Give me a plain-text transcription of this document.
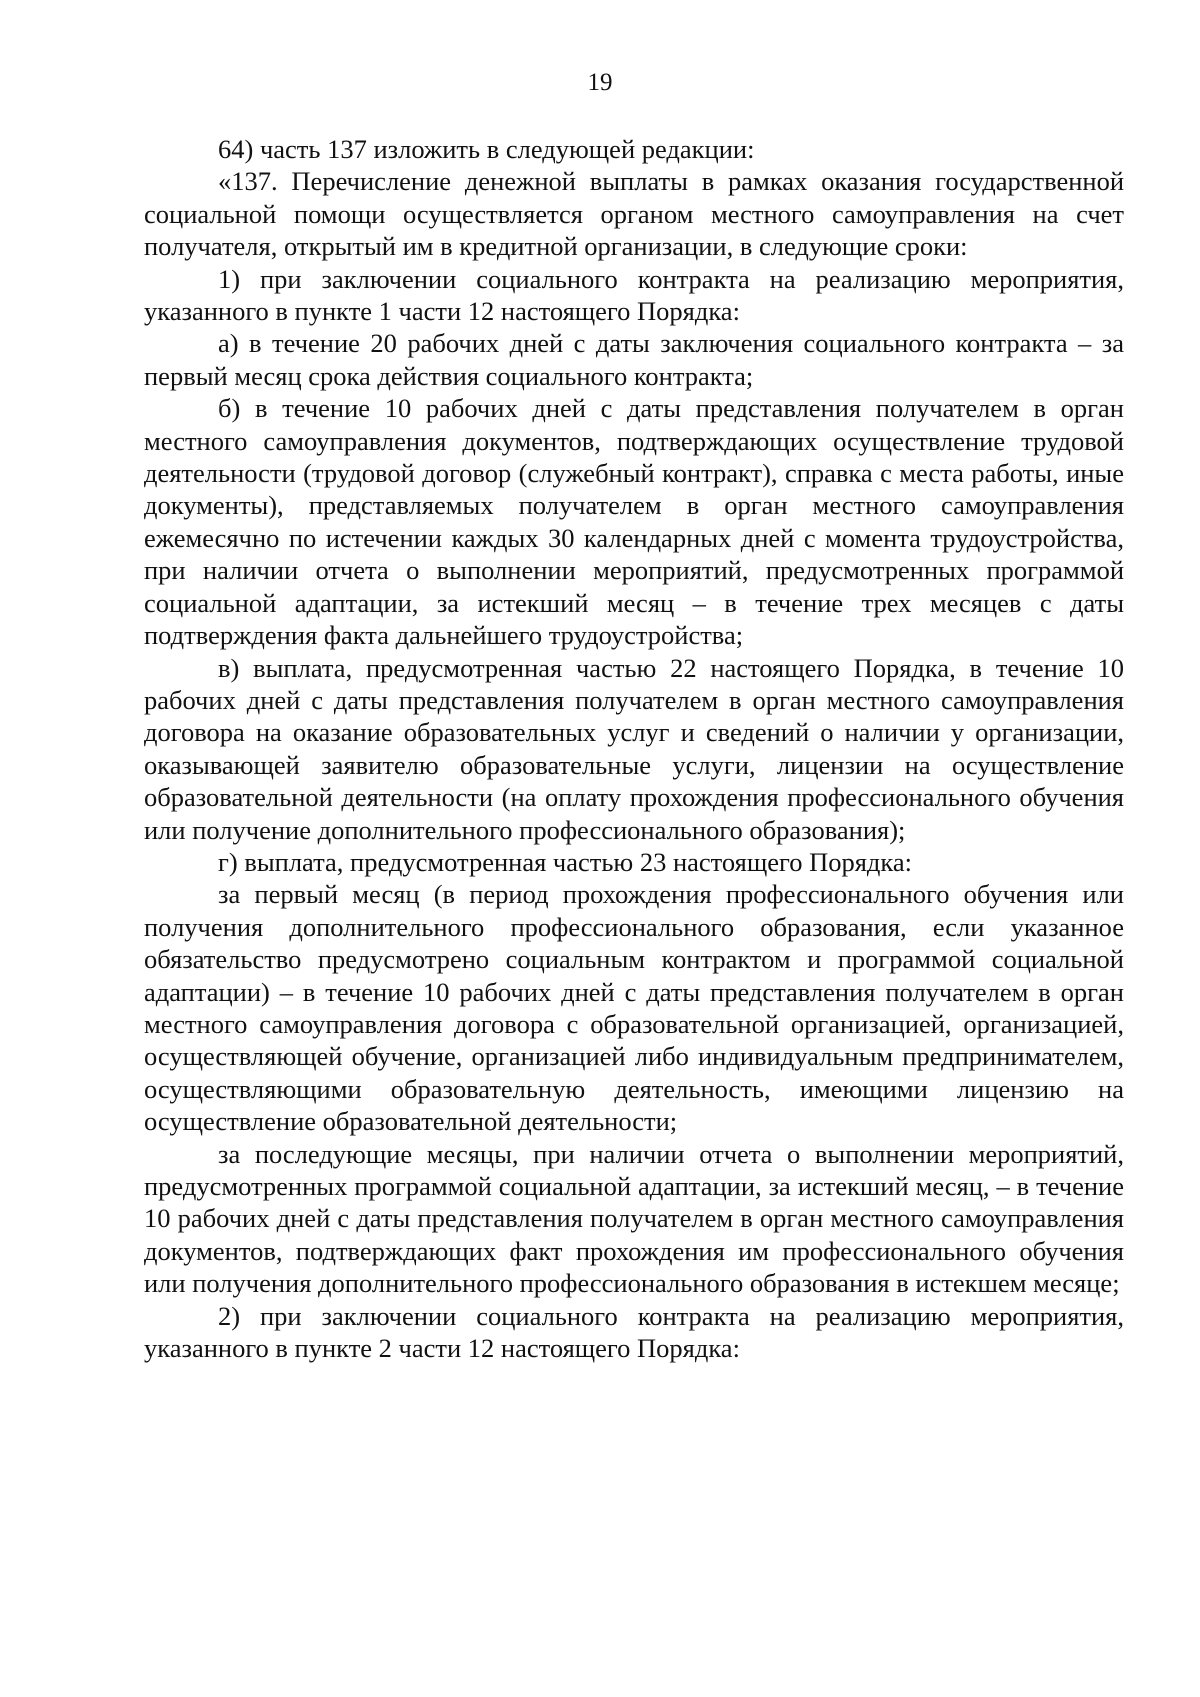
19

64) часть 137 изложить в следующей редакции:

«137. Перечисление денежной выплаты в рамках оказания государственной социальной помощи осуществляется органом местного самоуправления на счет получателя, открытый им в кредитной организации, в следующие сроки:

1) при заключении социального контракта на реализацию мероприятия, указанного в пункте 1 части 12 настоящего Порядка:

а) в течение 20 рабочих дней с даты заключения социального контракта – за первый месяц срока действия социального контракта;

б) в течение 10 рабочих дней с даты представления получателем в орган местного самоуправления документов, подтверждающих осуществление трудовой деятельности (трудовой договор (служебный контракт), справка с места работы, иные документы), представляемых получателем в орган местного самоуправления ежемесячно по истечении каждых 30 календарных дней с момента трудоустройства, при наличии отчета о выполнении мероприятий, предусмотренных программой социальной адаптации, за истекший месяц – в течение трех месяцев с даты подтверждения факта дальнейшего трудоустройства;

в) выплата, предусмотренная частью 22 настоящего Порядка, в течение 10 рабочих дней с даты представления получателем в орган местного самоуправления договора на оказание образовательных услуг и сведений о наличии у организации, оказывающей заявителю образовательные услуги, лицензии на осуществление образовательной деятельности (на оплату прохождения профессионального обучения или получение дополнительного профессионального образования);

г) выплата, предусмотренная частью 23 настоящего Порядка:

за первый месяц (в период прохождения профессионального обучения или получения дополнительного профессионального образования, если указанное обязательство предусмотрено социальным контрактом и программой социальной адаптации) – в течение 10 рабочих дней с даты представления получателем в орган местного самоуправления договора с образовательной организацией, организацией, осуществляющей обучение, организацией либо индивидуальным предпринимателем, осуществляющими образовательную деятельность, имеющими лицензию на осуществление образовательной деятельности;

за последующие месяцы, при наличии отчета о выполнении мероприятий, предусмотренных программой социальной адаптации, за истекший месяц, – в течение 10 рабочих дней с даты представления получателем в орган местного самоуправления документов, подтверждающих факт прохождения им профессионального обучения или получения дополнительного профессионального образования в истекшем месяце;

2) при заключении социального контракта на реализацию мероприятия, указанного в пункте 2 части 12 настоящего Порядка:
